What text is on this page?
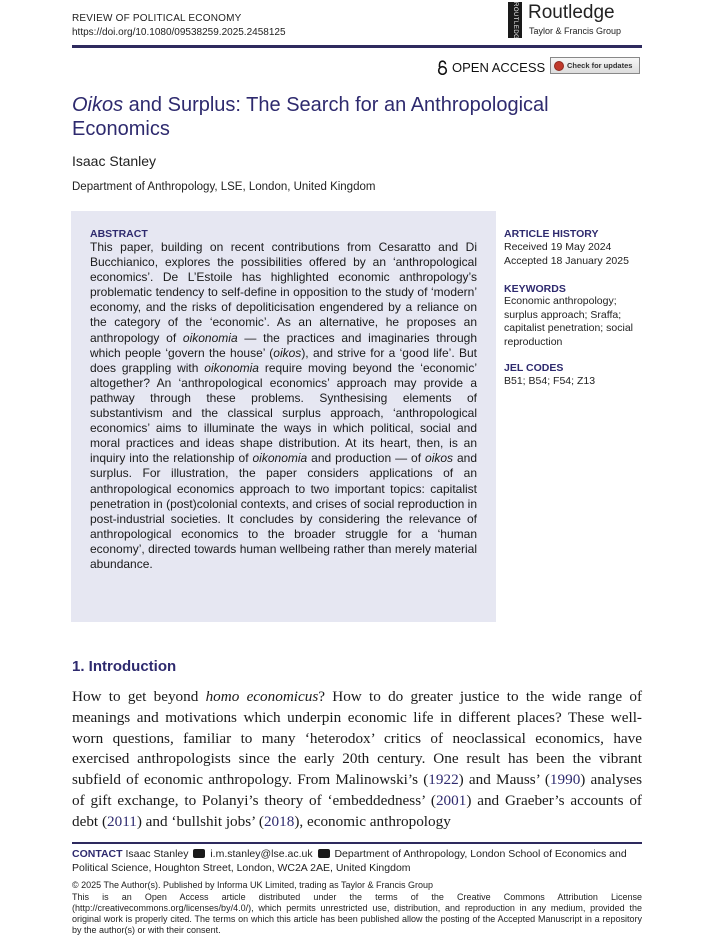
REVIEW OF POLITICAL ECONOMY
https://doi.org/10.1080/09538259.2025.2458125	ROUTLEDGE Routledge
Taylor & Francis Group
OPEN ACCESS	Check for updates
Oikos and Surplus: The Search for an Anthropological Economics
Isaac Stanley
Department of Anthropology, LSE, London, United Kingdom
ABSTRACT
This paper, building on recent contributions from Cesaratto and Di Bucchianico, explores the possibilities offered by an ‘anthropological economics’. De L’Estoile has highlighted economic anthropology’s problematic tendency to self-define in opposition to the study of ‘modern’ economy, and the risks of depoliticisation engendered by a reliance on the category of the ‘economic’. As an alternative, he proposes an anthropology of oikonomia — the practices and imaginaries through which people ‘govern the house’ (oikos), and strive for a ‘good life’. But does grappling with oikonomia require moving beyond the ‘economic’ altogether? An ‘anthropological economics’ approach may provide a pathway through these problems. Synthesising elements of substantivism and the classical surplus approach, ‘anthropological economics’ aims to illuminate the ways in which political, social and moral practices and ideas shape distribution. At its heart, then, is an inquiry into the relationship of oikonomia and production — of oikos and surplus. For illustration, the paper considers applications of an anthropological economics approach to two important topics: capitalist penetration in (post)colonial contexts, and crises of social reproduction in post-industrial societies. It concludes by considering the relevance of anthropological economics to the broader struggle for a ‘human economy’, directed towards human wellbeing rather than merely material abundance.
ARTICLE HISTORY
Received 19 May 2024
Accepted 18 January 2025
KEYWORDS
Economic anthropology; surplus approach; Sraffa; capitalist penetration; social reproduction
JEL CODES
B51; B54; F54; Z13
1. Introduction
How to get beyond homo economicus? How to do greater justice to the wide range of meanings and motivations which underpin economic life in different places? These well-worn questions, familiar to many ‘heterodox’ critics of neoclassical economics, have exercised anthropologists since the early 20th century. One result has been the vibrant subfield of economic anthropology. From Malinowski’s (1922) and Mauss’ (1990) analyses of gift exchange, to Polanyi’s theory of ‘embeddedness’ (2001) and Graeber’s accounts of debt (2011) and ‘bullshit jobs’ (2018), economic anthropology
CONTACT Isaac Stanley  i.m.stanley@lse.ac.uk  Department of Anthropology, London School of Economics and Political Science, Houghton Street, London, WC2A 2AE, United Kingdom
© 2025 The Author(s). Published by Informa UK Limited, trading as Taylor & Francis Group
This is an Open Access article distributed under the terms of the Creative Commons Attribution License (http://creativecommons.org/licenses/by/4.0/), which permits unrestricted use, distribution, and reproduction in any medium, provided the original work is properly cited. The terms on which this article has been published allow the posting of the Accepted Manuscript in a repository by the author(s) or with their consent.
